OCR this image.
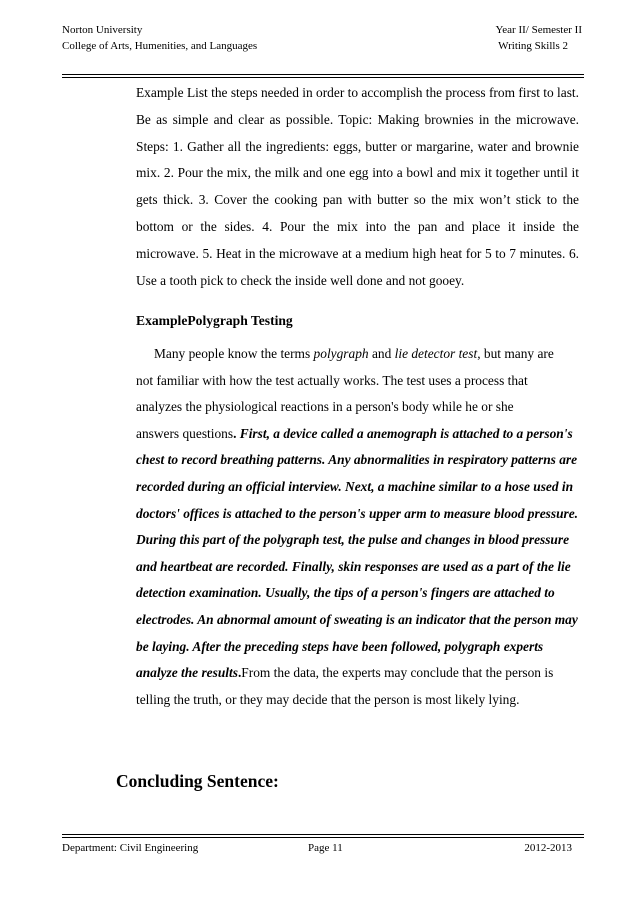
Norton University	Year II/ Semester II
College of Arts, Humenities, and Languages	Writing Skills 2
Example List the steps needed in order to accomplish the process from first to last. Be as simple and clear as possible. Topic: Making brownies in the microwave. Steps: 1. Gather all the ingredients: eggs, butter or margarine, water and brownie mix. 2. Pour the mix, the milk and one egg into a bowl and mix it together until it gets thick. 3. Cover the cooking pan with butter so the mix won’t stick to the bottom or the sides. 4. Pour the mix into the pan and place it inside the microwave. 5. Heat in the microwave at a medium high heat for 5 to 7 minutes. 6. Use a tooth pick to check the inside well done and not gooey.
ExamplePolygraph Testing
Many people know the terms polygraph and lie detector test, but many are
not familiar with how the test actually works. The test uses a process that
analyzes the physiological reactions in a person's body while he or she
answers questions. First, a device called a anemograph is attached to a person's chest to record breathing patterns. Any abnormalities in respiratory patterns are recorded during an official interview. Next, a machine similar to a hose used in doctors' offices is attached to the person's upper arm to measure blood pressure. During this part of the polygraph test, the pulse and changes in blood pressure and heartbeat are recorded. Finally, skin responses are used as a part of the lie detection examination. Usually, the tips of a person's fingers are attached to electrodes. An abnormal amount of sweating is an indicator that the person may be laying. After the preceding steps have been followed, polygraph experts analyze the results.From the data, the experts may conclude that the person is telling the truth, or they may decide that the person is most likely lying.
Concluding Sentence:
Department: Civil Engineering	Page 11	2012-2013
